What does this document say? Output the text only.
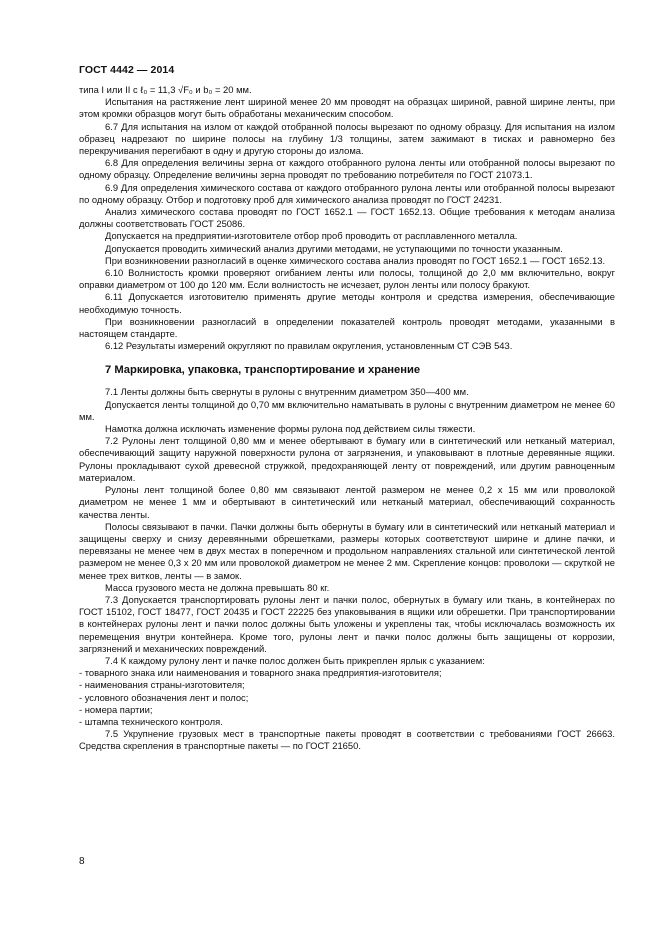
ГОСТ 4442 — 2014

типа I или II с ℓ₀ = 11,3 √F₀ и b₀ = 20 мм.

Испытания на растяжение лент шириной менее 20 мм проводят на образцах шириной, равной ширине ленты, при этом кромки образцов могут быть обработаны механическим способом.

6.7 Для испытания на излом от каждой отобранной полосы вырезают по одному образцу. Для испытания на излом образец надрезают по ширине полосы на глубину 1/3 толщины, затем зажимают в тисках и равномерно без перекручивания перегибают в одну и другую стороны до излома.

6.8 Для определения величины зерна от каждого отобранного рулона ленты или отобранной полосы вырезают по одному образцу. Определение величины зерна проводят по требованию потребителя по ГОСТ 21073.1.

6.9 Для определения химического состава от каждого отобранного рулона ленты или отобранной полосы вырезают по одному образцу. Отбор и подготовку проб для химического анализа проводят по ГОСТ 24231.

Анализ химического состава проводят по ГОСТ 1652.1 — ГОСТ 1652.13. Общие требования к методам анализа должны соответствовать ГОСТ 25086.

Допускается на предприятии-изготовителе отбор проб проводить от расплавленного металла.

Допускается проводить химический анализ другими методами, не уступающими по точности указанным.

При возникновении разногласий в оценке химического состава анализ проводят по ГОСТ 1652.1 — ГОСТ 1652.13.

6.10 Волнистость кромки проверяют огибанием ленты или полосы, толщиной до 2,0 мм включительно, вокруг оправки диаметром от 100 до 120 мм. Если волнистость не исчезает, рулон ленты или полосу бракуют.

6.11 Допускается изготовителю применять другие методы контроля и средства измерения, обеспечивающие необходимую точность.

При возникновении разногласий в определении показателей контроль проводят методами, указанными в настоящем стандарте.

6.12 Результаты измерений округляют по правилам округления, установленным СТ СЭВ 543.

7 Маркировка, упаковка, транспортирование и хранение

7.1 Ленты должны быть свернуты в рулоны с внутренним диаметром 350—400 мм.

Допускается ленты толщиной до 0,70 мм включительно наматывать в рулоны с внутренним диаметром не менее 60 мм.

Намотка должна исключать изменение формы рулона под действием силы тяжести.

7.2 Рулоны лент толщиной 0,80 мм и менее обертывают в бумагу или в синтетический или нетканый материал, обеспечивающий защиту наружной поверхности рулона от загрязнения, и упаковывают в плотные деревянные ящики. Рулоны прокладывают сухой древесной стружкой, предохраняющей ленту от повреждений, или другим равноценным материалом.

Рулоны лент толщиной более 0,80 мм связывают лентой размером не менее 0,2 х 15 мм или проволокой диаметром не менее 1 мм и обертывают в синтетический или нетканый материал, обеспечивающий сохранность качества ленты.

Полосы связывают в пачки. Пачки должны быть обернуты в бумагу или в синтетический или нетканый материал и защищены сверху и снизу деревянными обрешетками, размеры которых соответствуют ширине и длине пачки, и перевязаны не менее чем в двух местах в поперечном и продольном направлениях стальной или синтетической лентой размером не менее 0,3 х 20 мм или проволокой диаметром не менее 2 мм. Скрепление концов: проволоки — скруткой не менее трех витков, ленты — в замок.

Масса грузового места не должна превышать 80 кг.

7.3 Допускается транспортировать рулоны лент и пачки полос, обернутых в бумагу или ткань, в контейнерах по ГОСТ 15102, ГОСТ 18477, ГОСТ 20435 и ГОСТ 22225 без упаковывания в ящики или обрешетки. При транспортировании в контейнерах рулоны лент и пачки полос должны быть уложены и укреплены так, чтобы исключалась возможность их перемещения внутри контейнера. Кроме того, рулоны лент и пачки полос должны быть защищены от коррозии, загрязнений и механических повреждений.

7.4 К каждому рулону лент и пачке полос должен быть прикреплен ярлык с указанием:

- товарного знака или наименования и товарного знака предприятия-изготовителя;

- наименования страны-изготовителя;

- условного обозначения лент и полос;

- номера партии;

- штампа технического контроля.

7.5 Укрупнение грузовых мест в транспортные пакеты проводят в соответствии с требованиями ГОСТ 26663. Средства скрепления в транспортные пакеты — по ГОСТ 21650.

8
